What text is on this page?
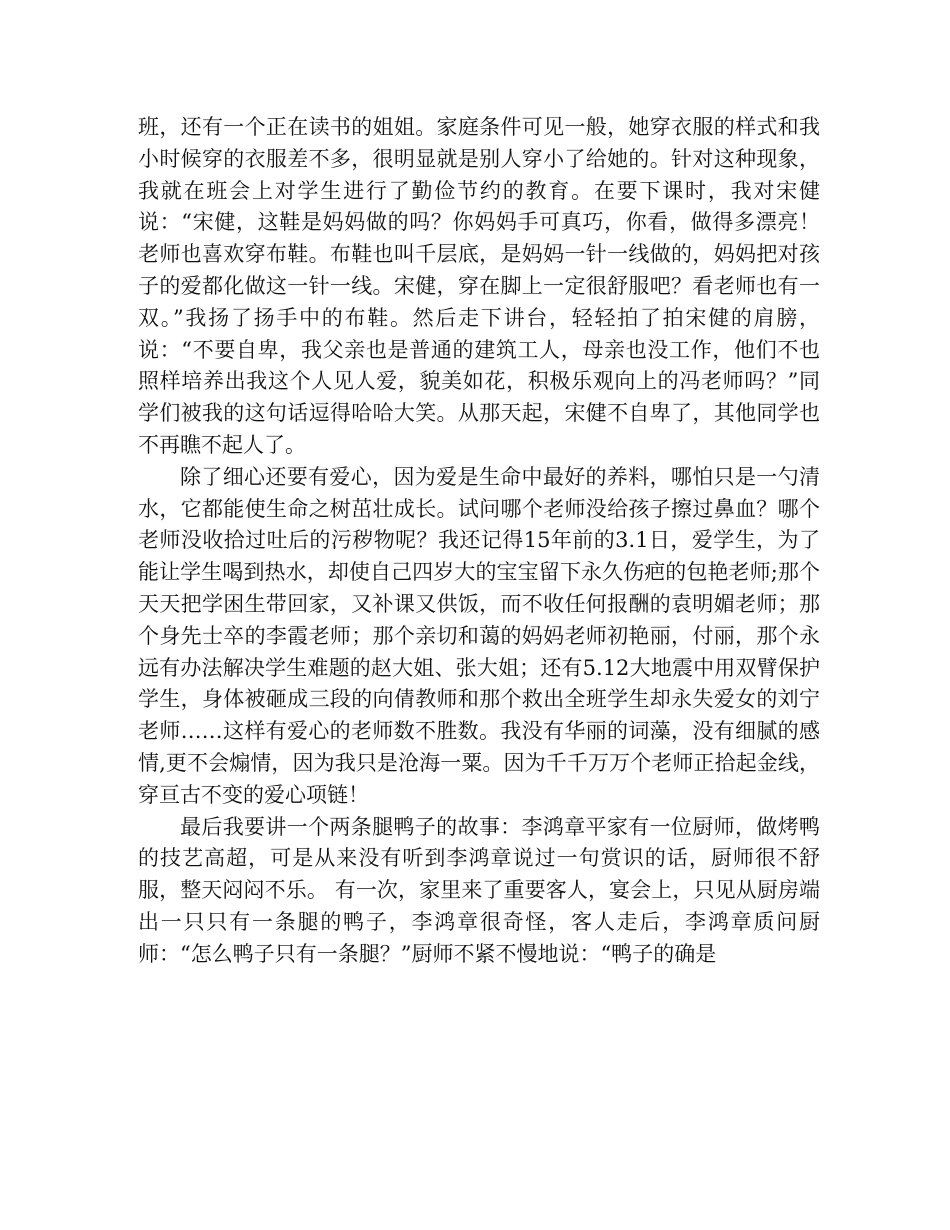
班，还有一个正在读书的姐姐。家庭条件可见一般，她穿衣服的样式和我小时候穿的衣服差不多，很明显就是别人穿小了给她的。针对这种现象，我就在班会上对学生进行了勤俭节约的教育。在要下课时，我对宋健说：“宋健，这鞋是妈妈做的吗？你妈妈手可真巧，你看，做得多漂亮！老师也喜欢穿布鞋。布鞋也叫千层底，是妈妈一针一线做的，妈妈把对孩子的爱都化做这一针一线。宋健，穿在脚上一定很舒服吧？看老师也有一双。”我扬了扬手中的布鞋。然后走下讲台，轻轻拍了拍宋健的肩膀，说：“不要自卑，我父亲也是普通的建筑工人，母亲也没工作，他们不也照样培养出我这个人见人爱，貌美如花，积极乐观向上的冯老师吗？”同学们被我的这句话逗得哈哈大笑。从那天起，宋健不自卑了，其他同学也不再瞧不起人了。

除了细心还要有爱心，因为爱是生命中最好的养料，哪怕只是一勺清水，它都能使生命之树茁壮成长。试问哪个老师没给孩子擦过鼻血？哪个老师没收拾过吐后的污秽物呢？我还记得15年前的3.1日，爱学生，为了能让学生喝到热水，却使自己四岁大的宝宝留下永久伤疤的包艳老师;那个天天把学困生带回家，又补课又供饭，而不收任何报酬的袁明媚老师；那个身先士卒的李霞老师；那个亲切和蔼的妈妈老师初艳丽，付丽，那个永远有办法解决学生难题的赵大姐、张大姐；还有5.12大地震中用双臂保护学生，身体被砸成三段的向倩教师和那个救出全班学生却永失爱女的刘宁老师……这样有爱心的老师数不胜数。我没有华丽的词藻，没有细腻的感情,更不会煽情，因为我只是沧海一粟。因为千千万万个老师正拾起金线，穿亘古不变的爱心项链！

最后我要讲一个两条腿鸭子的故事：李鸿章平家有一位厨师，做烤鸭的技艺高超，可是从来没有听到李鸿章说过一句赏识的话，厨师很不舒服，整天闷闷不乐。 有一次，家里来了重要客人，宴会上，只见从厨房端出一只只有一条腿的鸭子，李鸿章很奇怪，客人走后，李鸿章质问厨师：“怎么鸭子只有一条腿？”厨师不紧不慢地说：“鸭子的确是
